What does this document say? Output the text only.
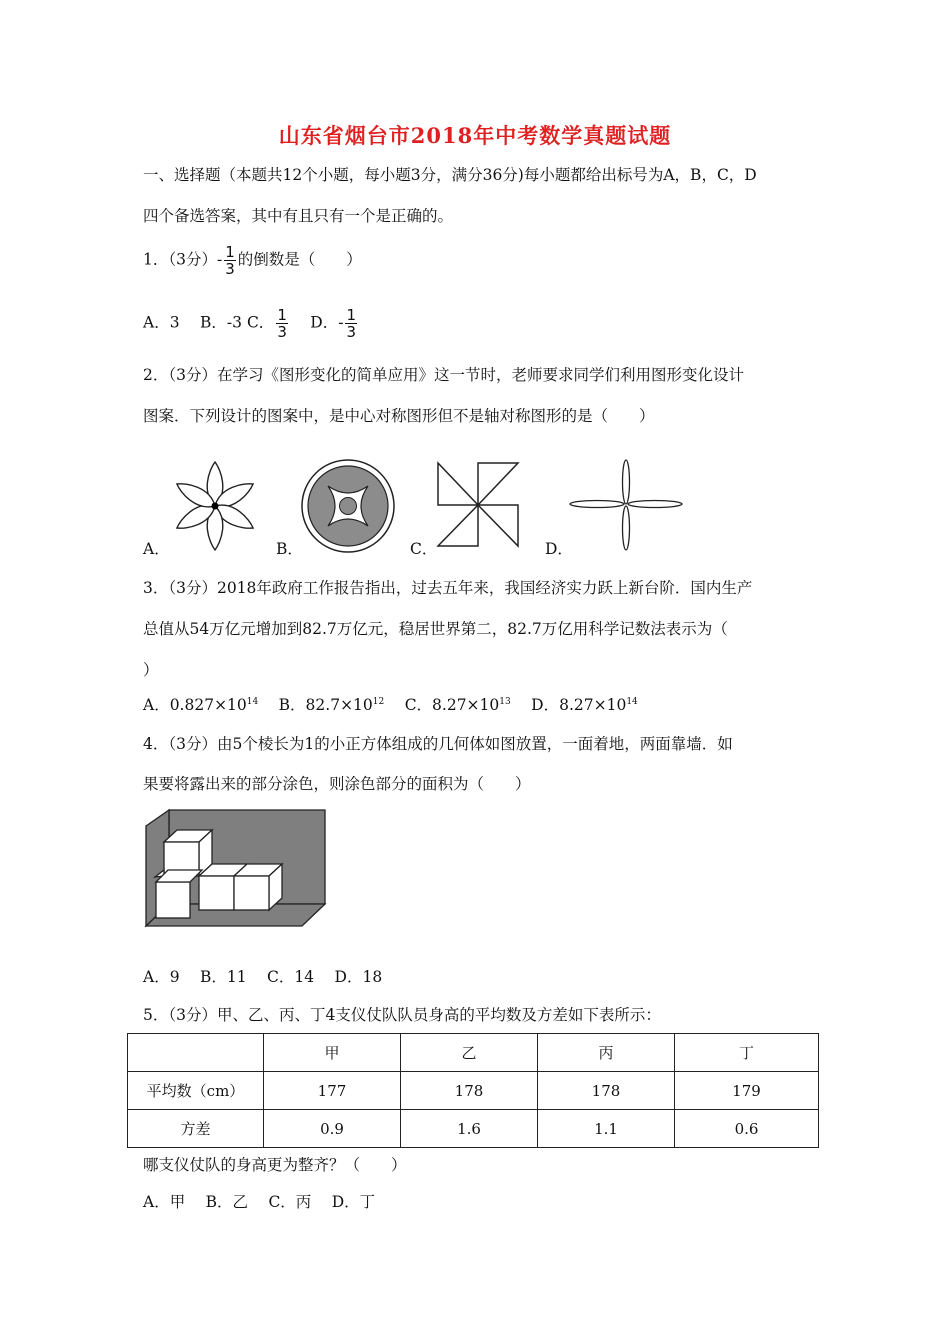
山东省烟台市2018年中考数学真题试题
一、选择题（本题共12个小题，每小题3分，满分36分)每小题都给出标号为A，B，C，D
四个备选答案，其中有且只有一个是正确的。
1．（3分）- $\frac{1}{3}$ 的倒数是（　　）
A．3　 B．-3 C． $\frac{1}{3}$
　 D．- $\frac{1}{3}$
2．（3分）在学习《图形变化的简单应用》这一节时，老师要求同学们利用图形变化设计
图案．下列设计的图案中，是中心对称图形但不是轴对称图形的是（　　）
A．	B．	C．	D．
3．（3分）2018年政府工作报告指出，过去五年来，我国经济实力跃上新台阶．国内生产
总值从54万亿元增加到82.7万亿元，稳居世界第二，82.7万亿用科学记数法表示为（
）
A．$0.827\times 10^{14}$　 B．$82.7\times 10^{12}$　 C．$8.27\times 10^{13}$　 D．$8.27\times 10^{14}$
4．（3分）由5个棱长为1的小正方体组成的几何体如图放置，一面着地，两面靠墙．如
果要将露出来的部分涂色，则涂色部分的面积为（　　）
A．9　 B．11　 C．14　 D．18
5．（3分）甲、乙、丙、丁4支仪仗队队员身高的平均数及方差如下表所示：
	甲	乙	丙	丁
平均数（cm）	177	178	178	179
方差	0.9	1.6	1.1	0.6
哪支仪仗队的身高更为整齐？（　　）
A．甲　 B．乙　 C．丙　 D．丁
